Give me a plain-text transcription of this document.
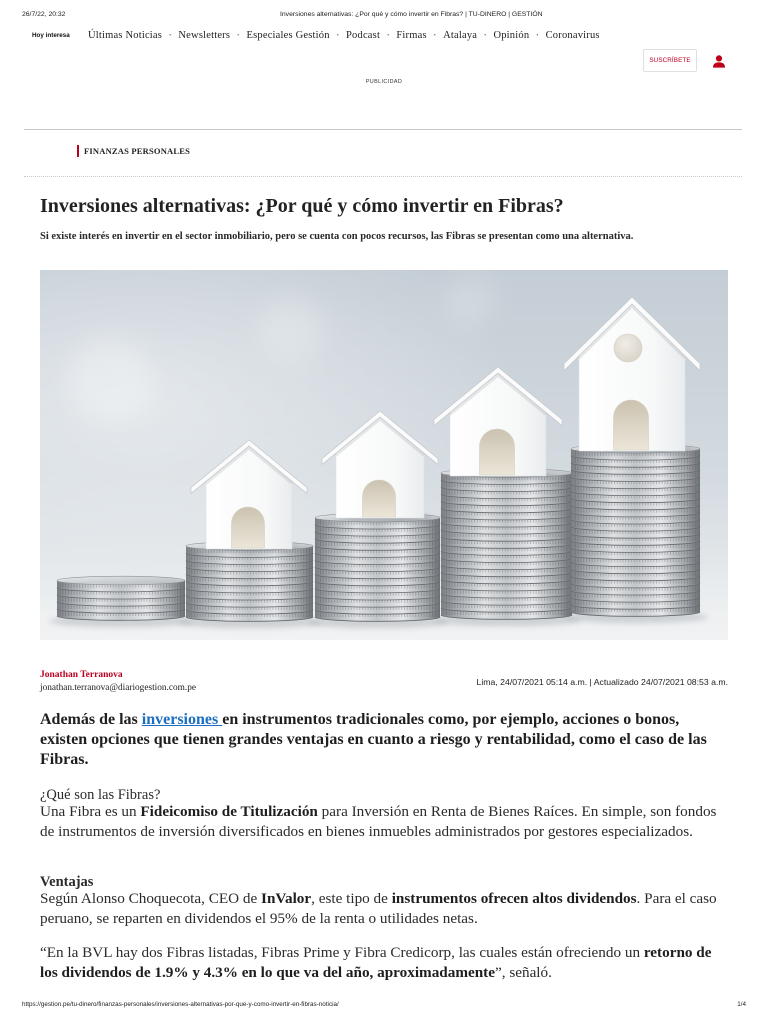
26/7/22, 20:32	Inversiones alternativas: ¿Por qué y cómo invertir en Fibras? | TU-DINERO | GESTIÓN
Hoy interesa Últimas Noticias • Newsletters • Especiales Gestión • Podcast • Firmas • Atalaya • Opinión • Coronavirus
SUSCRÍBETE
PUBLICIDAD
FINANZAS PERSONALES
Inversiones alternativas: ¿Por qué y cómo invertir en Fibras?

Si existe interés en invertir en el sector inmobiliario, pero se cuenta con pocos recursos, las Fibras se presentan como una alternativa.

Jonathan Terranova
jonathan.terranova@diariogestion.com.pe
Lima, 24/07/2021 05:14 a.m. | Actualizado 24/07/2021 08:53 a.m.

Además de las inversiones en instrumentos tradicionales como, por ejemplo, acciones o bonos, existen opciones que tienen grandes ventajas en cuanto a riesgo y rentabilidad, como el caso de las Fibras.

¿Qué son las Fibras?

Una Fibra es un Fideicomiso de Titulización para Inversión en Renta de Bienes Raíces. En simple, son fondos de instrumentos de inversión diversificados en bienes inmuebles administrados por gestores especializados.

Ventajas

Según Alonso Choquecota, CEO de InValor, este tipo de instrumentos ofrecen altos dividendos. Para el caso peruano, se reparten en dividendos el 95% de la renta o utilidades netas.

“En la BVL hay dos Fibras listadas, Fibras Prime y Fibra Credicorp, las cuales están ofreciendo un retorno de los dividendos de 1.9% y 4.3% en lo que va del año, aproximadamente”, señaló.

https://gestion.pe/tu-dinero/finanzas-personales/inversiones-alternativas-por-que-y-como-invertir-en-fibras-noticia/	1/4
